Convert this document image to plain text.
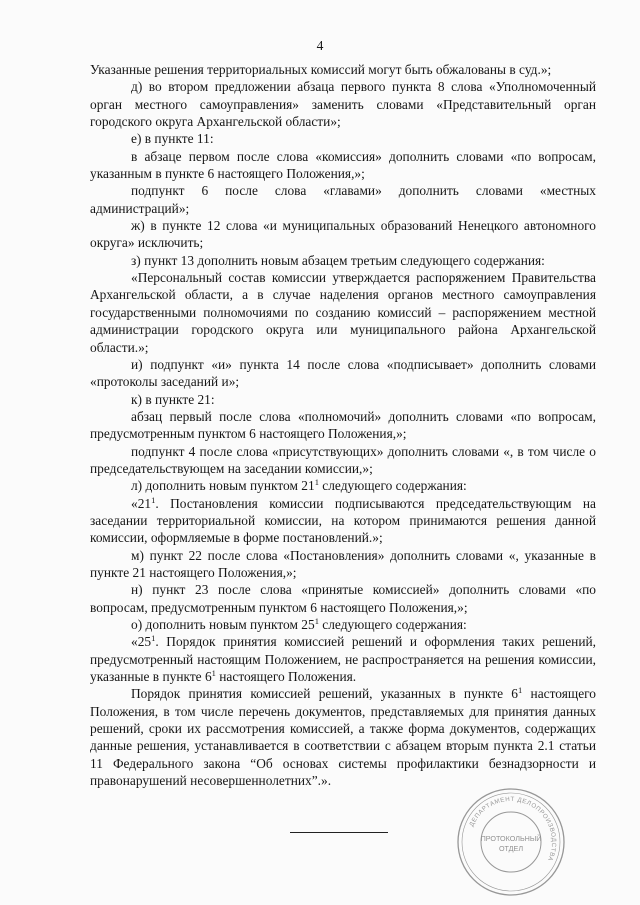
4

Указанные решения территориальных комиссий могут быть обжалованы в суд.»;

д) во втором предложении абзаца первого пункта 8 слова «Уполномоченный орган местного самоуправления» заменить словами «Представительный орган городского округа Архангельской области»;

е) в пункте 11:

в абзаце первом после слова «комиссия» дополнить словами «по вопросам, указанным в пункте 6 настоящего Положения,»;

подпункт 6 после слова «главами» дополнить словами «местных администраций»;

ж) в пункте 12 слова «и муниципальных образований Ненецкого автономного округа» исключить;

з) пункт 13 дополнить новым абзацем третьим следующего содержания:

«Персональный состав комиссии утверждается распоряжением Правительства Архангельской области, а в случае наделения органов местного самоуправления государственными полномочиями по созданию комиссий – распоряжением местной администрации городского округа или муниципального района Архангельской области.»;

и) подпункт «и» пункта 14 после слова «подписывает» дополнить словами «протоколы заседаний и»;

к) в пункте 21:

абзац первый после слова «полномочий» дополнить словами «по вопросам, предусмотренным пунктом 6 настоящего Положения,»;

подпункт 4 после слова «присутствующих» дополнить словами «, в том числе о председательствующем на заседании комиссии,»;

л) дополнить новым пунктом $21^1$ следующего содержания:

«$21^1$. Постановления комиссии подписываются председательствующим на заседании территориальной комиссии, на котором принимаются решения данной комиссии, оформляемые в форме постановлений.»;

м) пункт 22 после слова «Постановления» дополнить словами «, указанные в пункте 21 настоящего Положения,»;

н) пункт 23 после слова «принятые комиссией» дополнить словами «по вопросам, предусмотренным пунктом 6 настоящего Положения,»;

о) дополнить новым пунктом $25^1$ следующего содержания:

«$25^1$. Порядок принятия комиссией решений и оформления таких решений, предусмотренный настоящим Положением, не распространяется на решения комиссии, указанные в пункте $6^1$ настоящего Положения.

Порядок принятия комиссией решений, указанных в пункте $6^1$ настоящего Положения, в том числе перечень документов, представляемых для принятия данных решений, сроки их рассмотрения комиссией, а также форма документов, содержащих данные решения, устанавливается в соответствии с абзацем вторым пункта 2.1 статьи 11 Федерального закона “Об основах системы профилактики безнадзорности и правонарушений несовершеннолетних”.».

ДЕПАРТАМЕНТ ДЕЛОПРОИЗВОДСТВА
ПРОТОКОЛЬНЫЙ
ОТДЕЛ
